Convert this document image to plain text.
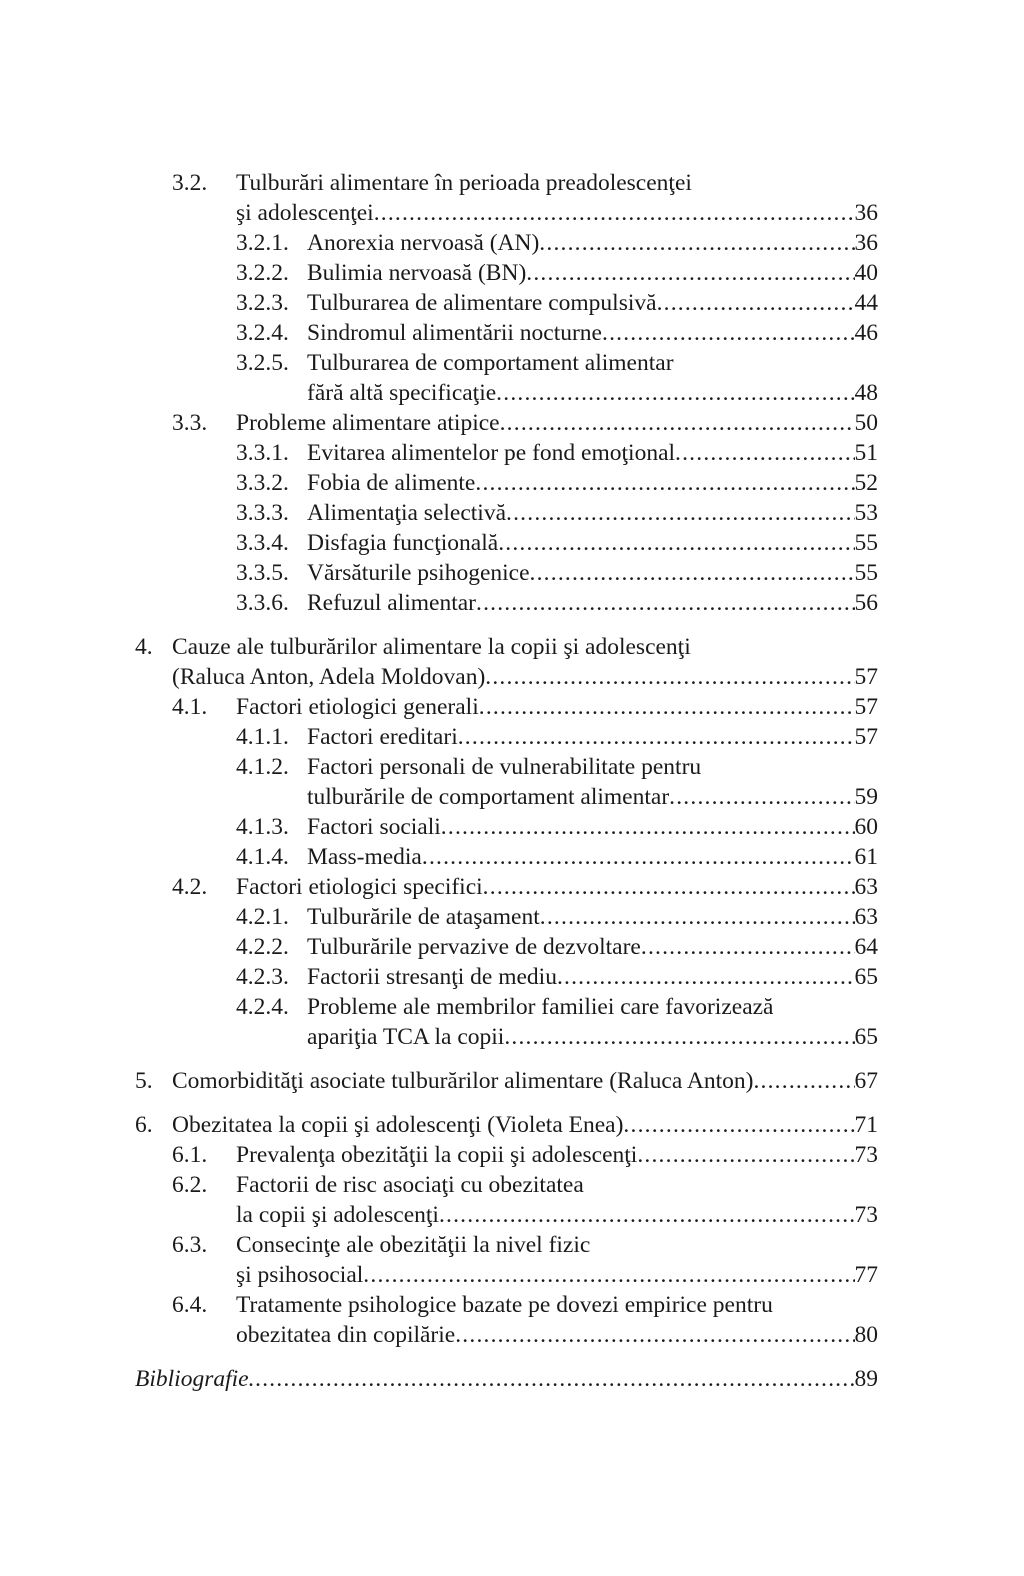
3.2. Tulburări alimentare în perioada preadolescenţei
şi adolescenţei .....	36
3.2.1. Anorexia nervoasă (AN) .....	36
3.2.2. Bulimia nervoasă (BN) .....	40
3.2.3. Tulburarea de alimentare compulsivă .....	44
3.2.4. Sindromul alimentării nocturne .....	46
3.2.5. Tulburarea de comportament alimentar
fără altă specificaţie .....	48
3.3. Probleme alimentare atipice .....	50
3.3.1. Evitarea alimentelor pe fond emoţional .....	51
3.3.2. Fobia de alimente .....	52
3.3.3. Alimentaţia selectivă .....	53
3.3.4. Disfagia funcţională .....	55
3.3.5. Vărsăturile psihogenice .....	55
3.3.6. Refuzul alimentar .....	56
4. Cauze ale tulburărilor alimentare la copii şi adolescenţi
(Raluca Anton, Adela Moldovan) .....	57
4.1. Factori etiologici generali .....	57
4.1.1. Factori ereditari .....	57
4.1.2. Factori personali de vulnerabilitate pentru
tulburările de comportament alimentar .....	59
4.1.3. Factori sociali .....	60
4.1.4. Mass-media .....	61
4.2. Factori etiologici specifici .....	63
4.2.1. Tulburările de ataşament .....	63
4.2.2. Tulburările pervazive de dezvoltare .....	64
4.2.3. Factorii stresanţi de mediu .....	65
4.2.4. Probleme ale membrilor familiei care favorizează
apariţia TCA la copii .....	65
5. Comorbidităţi asociate tulburărilor alimentare (Raluca Anton) .....	67
6. Obezitatea la copii şi adolescenţi (Violeta Enea) .....	71
6.1. Prevalenţa obezităţii la copii şi adolescenţi .....	73
6.2. Factorii de risc asociaţi cu obezitatea
la copii şi adolescenţi .....	73
6.3. Consecinţe ale obezităţii la nivel fizic
şi psihosocial .....	77
6.4. Tratamente psihologice bazate pe dovezi empirice pentru
obezitatea din copilărie .....	80
Bibliografie .....	89
